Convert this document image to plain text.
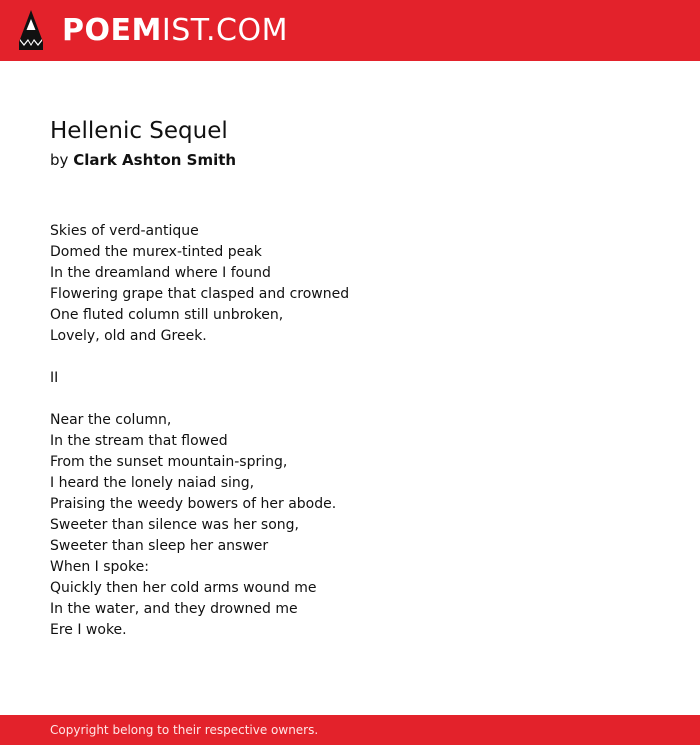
POEMIST.COM
Hellenic Sequel
by Clark Ashton Smith
Skies of verd-antique
Domed the murex-tinted peak
In the dreamland where I found
Flowering grape that clasped and crowned
One fluted column still unbroken,
Lovely, old and Greek.
II
Near the column,
In the stream that flowed
From the sunset mountain-spring,
I heard the lonely naiad sing,
Praising the weedy bowers of her abode.
Sweeter than silence was her song,
Sweeter than sleep her answer
When I spoke:
Quickly then her cold arms wound me
In the water, and they drowned me
Ere I woke.
Copyright belong to their respective owners.
